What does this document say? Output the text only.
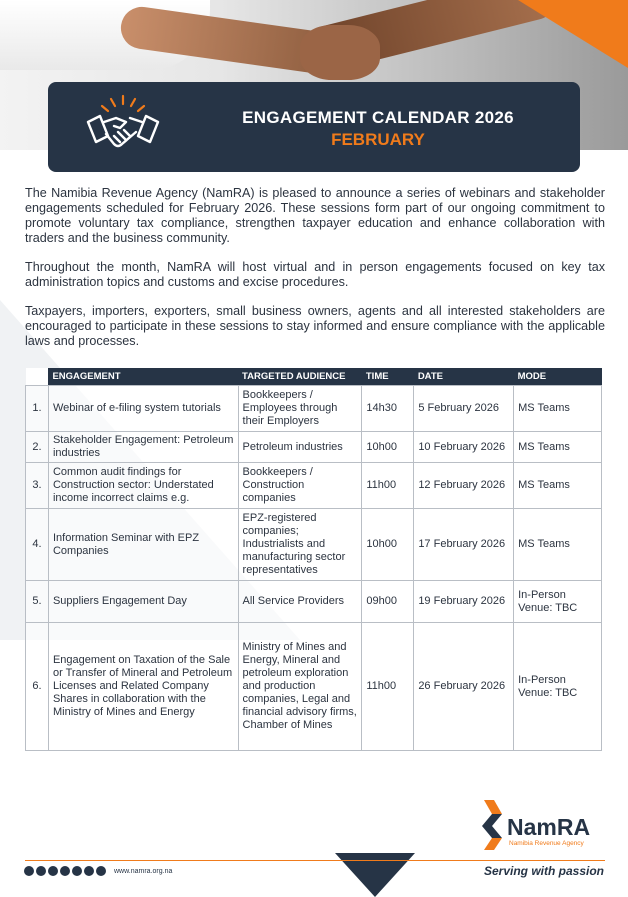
ENGAGEMENT CALENDAR 2026
FEBRUARY

The Namibia Revenue Agency (NamRA) is pleased to announce a series of webinars and stakeholder engagements scheduled for February 2026. These sessions form part of our ongoing commitment to promote voluntary tax compliance, strengthen taxpayer education and enhance collaboration with traders and the business community.

Throughout the month, NamRA will host virtual and in person engagements focused on key tax administration topics and customs and excise procedures.

Taxpayers, importers, exporters, small business owners, agents and all interested stakeholders are encouraged to participate in these sessions to stay informed and ensure compliance with the applicable laws and processes.

	ENGAGEMENT	TARGETED AUDIENCE	TIME	DATE	MODE
1.	Webinar of e-filing system tutorials	Bookkeepers / Employees through their Employers	14h30	5 February 2026	MS Teams
2.	Stakeholder Engagement: Petroleum industries	Petroleum industries	10h00	10 February 2026	MS Teams
3.	Common audit findings for Construction sector: Understated income incorrect claims e.g.	Bookkeepers / Construction companies	11h00	12 February 2026	MS Teams
4.	Information Seminar with EPZ Companies	EPZ-registered companies; Industrialists and manufacturing sector representatives	10h00	17 February 2026	MS Teams
5.	Suppliers Engagement Day	All Service Providers	09h00	19 February 2026	In-Person Venue: TBC
6.	Engagement on Taxation of the Sale or Transfer of Mineral and Petroleum Licenses and Related Company Shares in collaboration with the Ministry of Mines and Energy	Ministry of Mines and Energy, Mineral and petroleum exploration and production companies, Legal and financial advisory firms, Chamber of Mines	11h00	26 February 2026	In-Person Venue: TBC
NamRA
Namibia Revenue Agency
www.namra.org.na	Serving with passion
